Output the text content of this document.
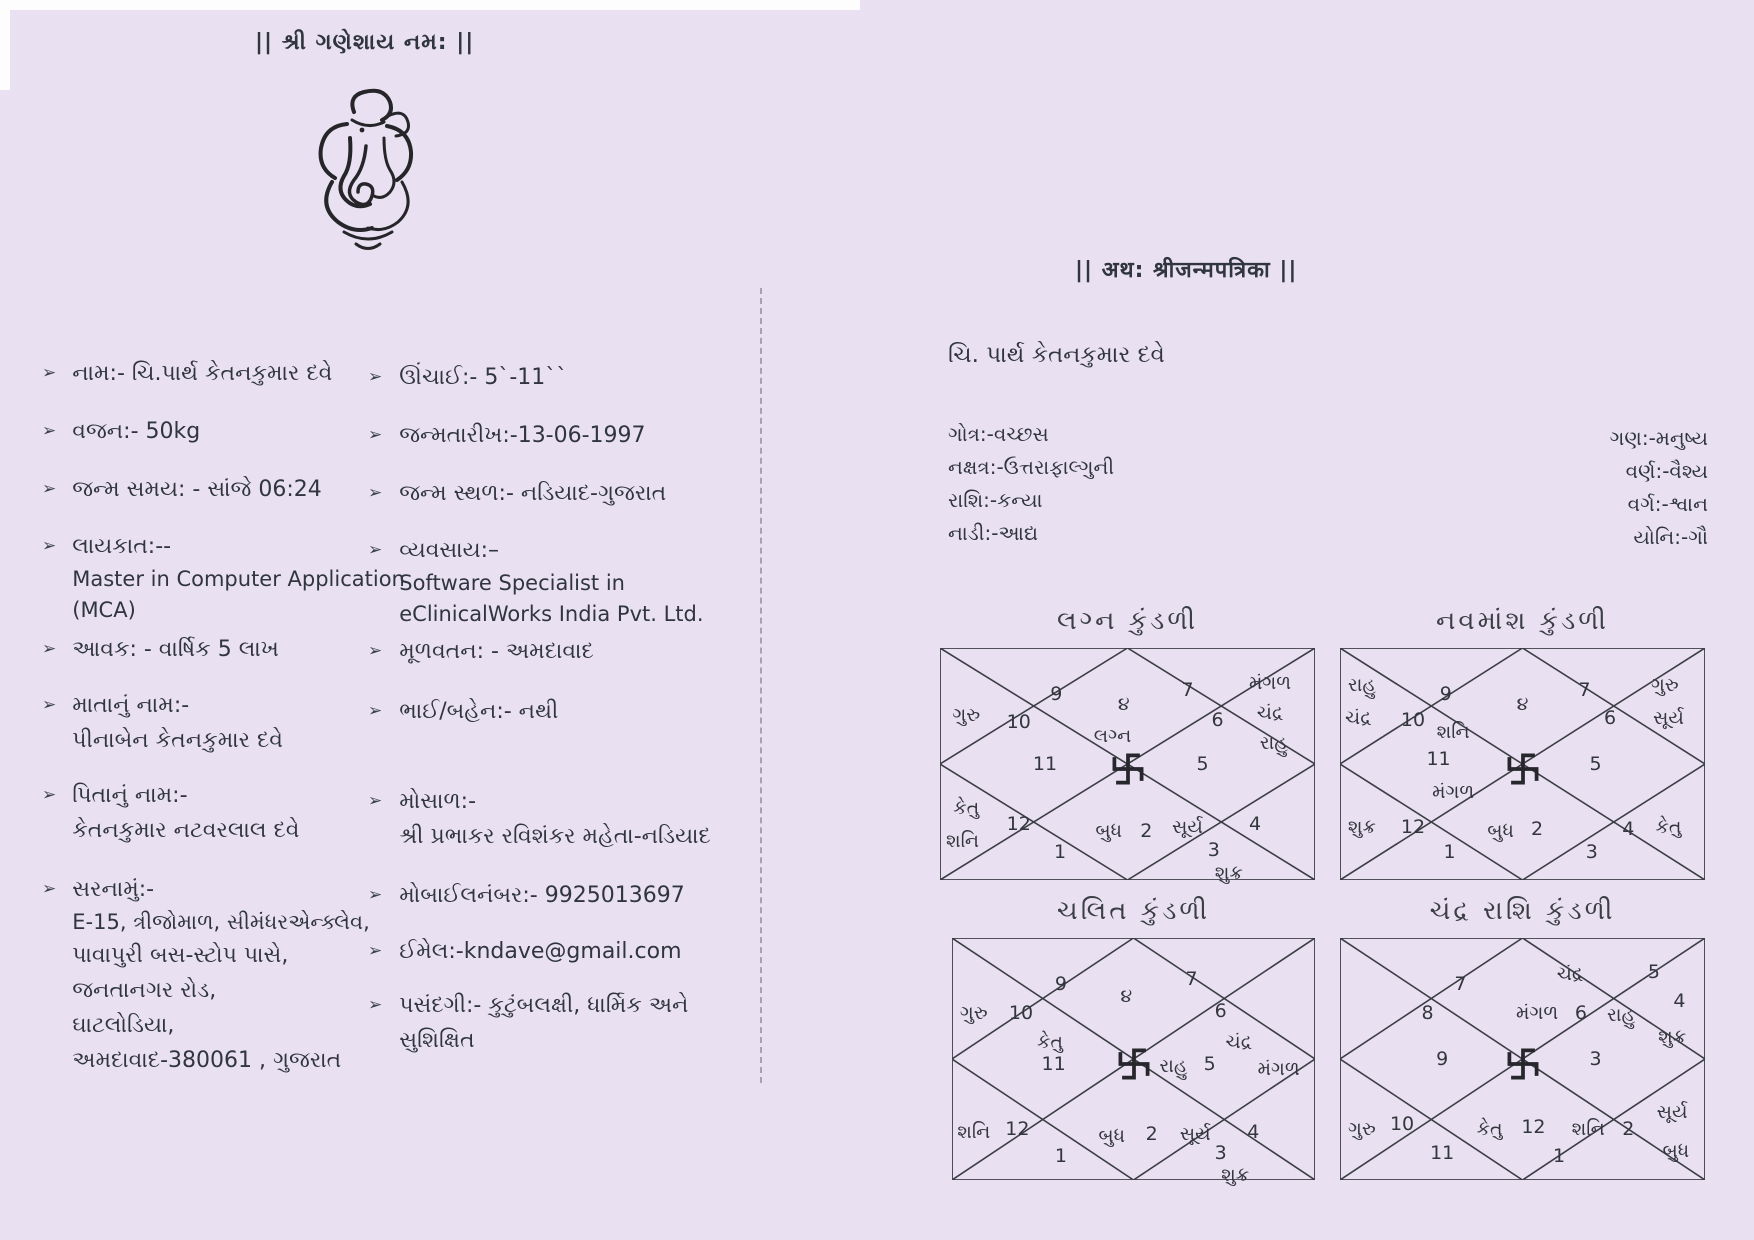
|| શ્રી ગણેશાય નમ: ||
|| अथ: श्रीजन्मपत्रिका ||
➢ નામ:- ચિ.પાર્થ કેતનકુમાર દવે
➢ વજન:- 50kg
➢ જન્મ સમય: - સાંજે 06:24
➢ લાયકાત:--
Master in Computer Application
(MCA)
➢ આવક: - વાર્ષિક 5 લાખ
➢ માતાનું નામ:-
પીનાબેન કેતનકુમાર દવે
➢ પિતાનું નામ:-
કેતનકુમાર નટવરલાલ દવે
➢ સરનામું:-
E-15, ત્રીજોમાળ, સીમંધરએન્ક્લેવ,
પાવાપુરી બસ-સ્ટોપ પાસે,
જનતાનગર રોડ,
ઘાટલોડિયા,
અમદાવાદ-380061 , ગુજરાત
➢ ઊંચાઈ:- 5`-11``
➢ જન્મતારીખ:-13-06-1997
➢ જન્મ સ્થળ:- નડિયાદ-ગુજરાત
➢ વ્યવસાય:–
Software Specialist in
eClinicalWorks India Pvt. Ltd.
➢ મૂળવતન: - અમદાવાદ
➢ ભાઈ/બહેન:- નથી
➢ મોસાળ:-
શ્રી પ્રભાકર રવિશંકર મહેતા-નડિયાદ
➢ મોબાઈલનંબર:- 9925013697
➢ ઈમેલ:-kndave@gmail.com
➢ પસંદગી:- કુટુંબલક્ષી, ધાર્મિક અને
સુશિક્ષિત
ચિ. પાર્થ કેતનકુમાર દવે
ગોત્ર:-વચ્છસ
નક્ષત્ર:-ઉત્તરાફાલ્ગુની
રાશિ:-કન્યા
નાડી:-આદ્ય
ગણ:-મનુષ્ય
વર્ણ:-વૈશ્ય
વર્ગ:-શ્વાન
યોનિ:-ગૌ
લગ્ન કુંડળી
ગુરુ
9
10
૪
લગ્ન
7
6
મંગળ
ચંદ્ર
રાહુ
11	5
કેતુ
શનિ
12
1
બુધ 2 સૂર્ય
3
શુક્ર
4
નવમાંશ કુંડળી
રાહુ	9
ચંદ્ર 10
શનિ
૪
7
6
ગુરુ
સૂર્ય
11
મંગળ
5
શુક્ર 12
1
બુધ 2
3
4 કેતુ
ચલિત કુંડળી
ગુરુ 10
9
કેતુ
૪
7
6
ચંદ્ર
11	રાહુ 5 મંગળ
શનિ 12
1
બુધ 2 સૂર્ય
3
શુક્ર
4
ચંદ્ર રાશિ કુંડળી
7
8
ચંદ્ર
મંગળ 6 રાહુ
5
4
શુક્ર
9	3
ગુરુ 10
11
કેતુ 12
1
શનિ 2
સૂર્ય
બુધ
